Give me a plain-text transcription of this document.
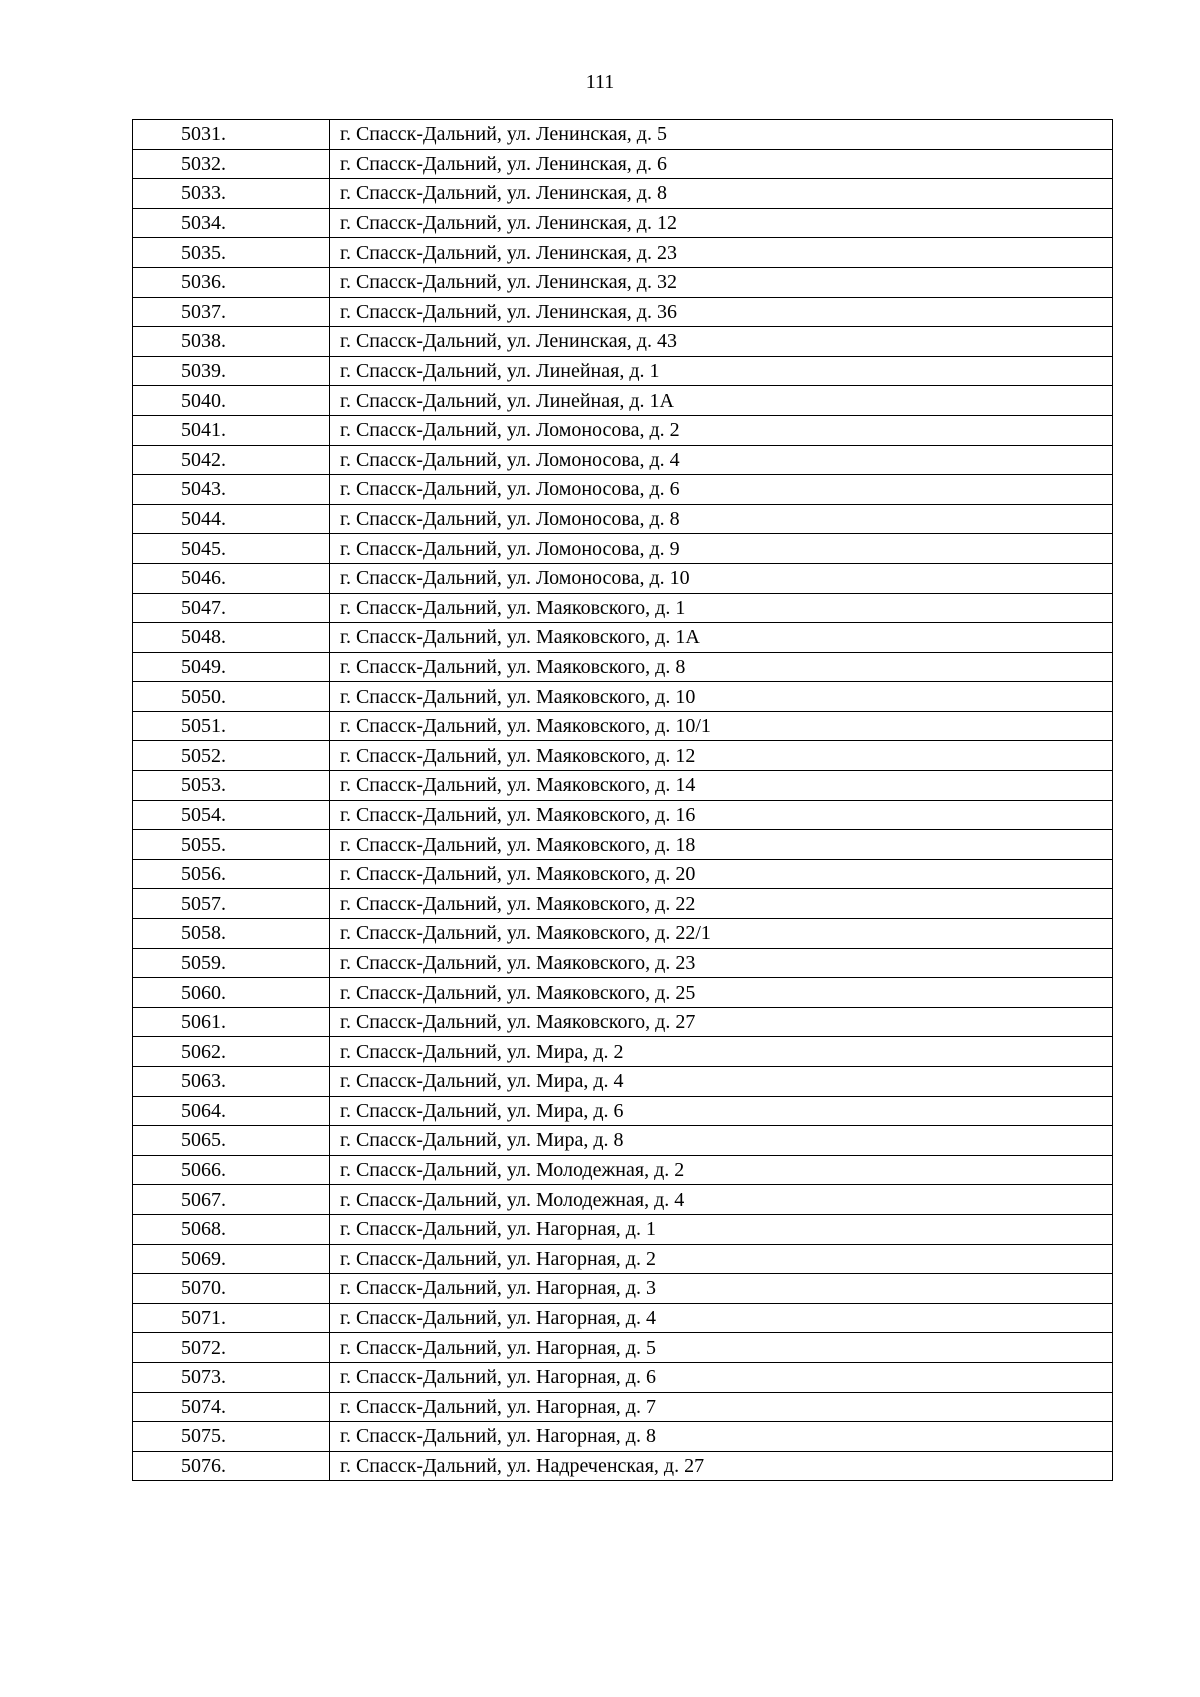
111
5031.	г. Спасск-Дальний, ул. Ленинская, д. 5
5032.	г. Спасск-Дальний, ул. Ленинская, д. 6
5033.	г. Спасск-Дальний, ул. Ленинская, д. 8
5034.	г. Спасск-Дальний, ул. Ленинская, д. 12
5035.	г. Спасск-Дальний, ул. Ленинская, д. 23
5036.	г. Спасск-Дальний, ул. Ленинская, д. 32
5037.	г. Спасск-Дальний, ул. Ленинская, д. 36
5038.	г. Спасск-Дальний, ул. Ленинская, д. 43
5039.	г. Спасск-Дальний, ул. Линейная, д. 1
5040.	г. Спасск-Дальний, ул. Линейная, д. 1А
5041.	г. Спасск-Дальний, ул. Ломоносова, д. 2
5042.	г. Спасск-Дальний, ул. Ломоносова, д. 4
5043.	г. Спасск-Дальний, ул. Ломоносова, д. 6
5044.	г. Спасск-Дальний, ул. Ломоносова, д. 8
5045.	г. Спасск-Дальний, ул. Ломоносова, д. 9
5046.	г. Спасск-Дальний, ул. Ломоносова, д. 10
5047.	г. Спасск-Дальний, ул. Маяковского, д. 1
5048.	г. Спасск-Дальний, ул. Маяковского, д. 1А
5049.	г. Спасск-Дальний, ул. Маяковского, д. 8
5050.	г. Спасск-Дальний, ул. Маяковского, д. 10
5051.	г. Спасск-Дальний, ул. Маяковского, д. 10/1
5052.	г. Спасск-Дальний, ул. Маяковского, д. 12
5053.	г. Спасск-Дальний, ул. Маяковского, д. 14
5054.	г. Спасск-Дальний, ул. Маяковского, д. 16
5055.	г. Спасск-Дальний, ул. Маяковского, д. 18
5056.	г. Спасск-Дальний, ул. Маяковского, д. 20
5057.	г. Спасск-Дальний, ул. Маяковского, д. 22
5058.	г. Спасск-Дальний, ул. Маяковского, д. 22/1
5059.	г. Спасск-Дальний, ул. Маяковского, д. 23
5060.	г. Спасск-Дальний, ул. Маяковского, д. 25
5061.	г. Спасск-Дальний, ул. Маяковского, д. 27
5062.	г. Спасск-Дальний, ул. Мира, д. 2
5063.	г. Спасск-Дальний, ул. Мира, д. 4
5064.	г. Спасск-Дальний, ул. Мира, д. 6
5065.	г. Спасск-Дальний, ул. Мира, д. 8
5066.	г. Спасск-Дальний, ул. Молодежная, д. 2
5067.	г. Спасск-Дальний, ул. Молодежная, д. 4
5068.	г. Спасск-Дальний, ул. Нагорная, д. 1
5069.	г. Спасск-Дальний, ул. Нагорная, д. 2
5070.	г. Спасск-Дальний, ул. Нагорная, д. 3
5071.	г. Спасск-Дальний, ул. Нагорная, д. 4
5072.	г. Спасск-Дальний, ул. Нагорная, д. 5
5073.	г. Спасск-Дальний, ул. Нагорная, д. 6
5074.	г. Спасск-Дальний, ул. Нагорная, д. 7
5075.	г. Спасск-Дальний, ул. Нагорная, д. 8
5076.	г. Спасск-Дальний, ул. Надреченская, д. 27
